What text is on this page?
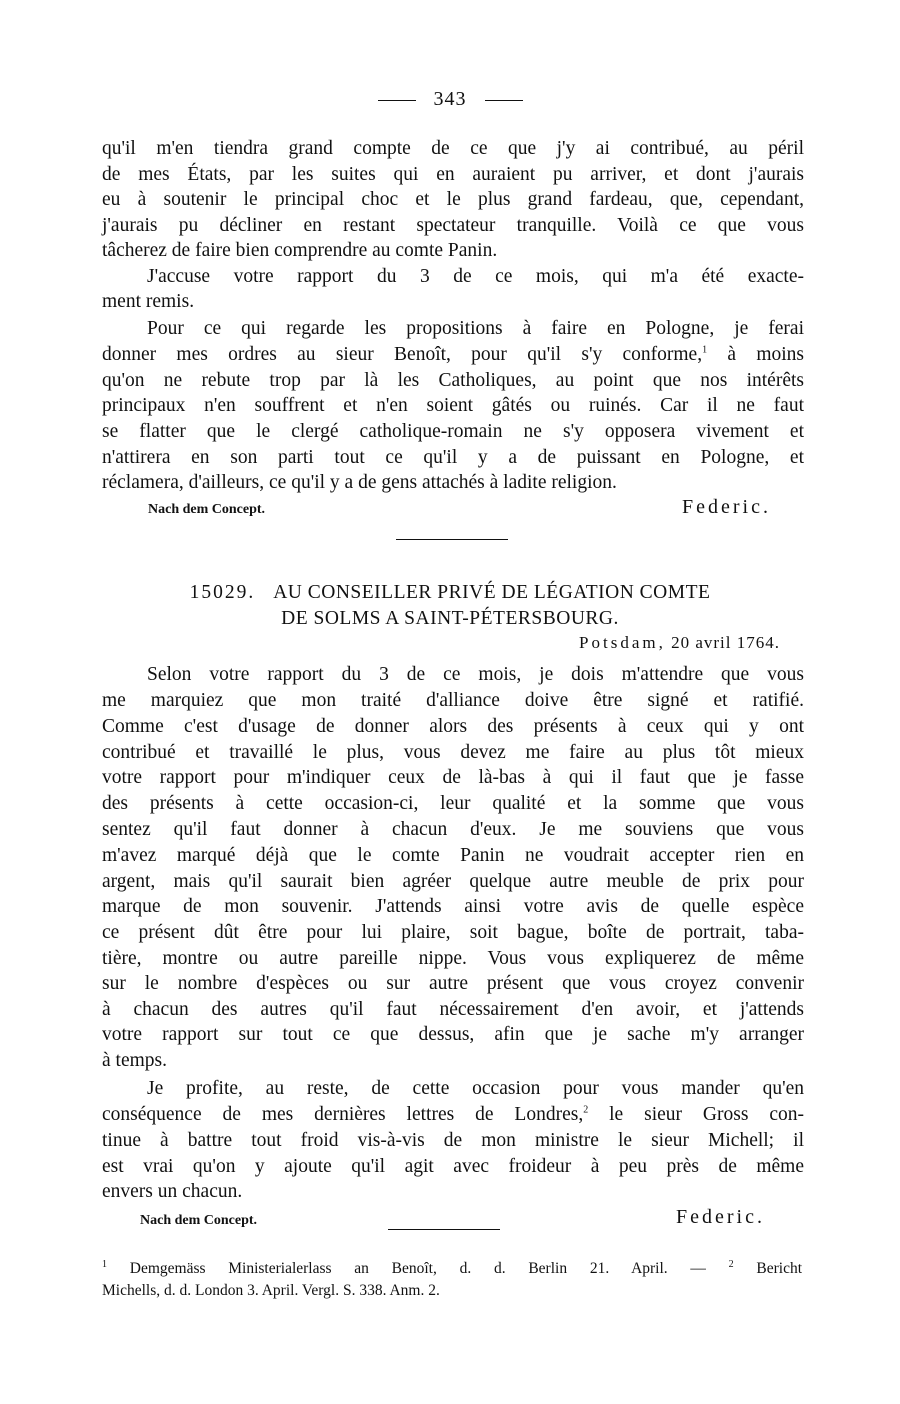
343
qu'il m'en tiendra grand compte de ce que j'y ai contribué, au péril
de mes États, par les suites qui en auraient pu arriver, et dont j'aurais
eu à soutenir le principal choc et le plus grand fardeau, que, cependant,
j'aurais pu décliner en restant spectateur tranquille. Voilà ce que vous
tâcherez de faire bien comprendre au comte Panin.
J'accuse votre rapport du 3 de ce mois, qui m'a été exacte-
ment remis.
Pour ce qui regarde les propositions à faire en Pologne, je ferai
donner mes ordres au sieur Benoît, pour qu'il s'y conforme,$^1$ à moins
qu'on ne rebute trop par là les Catholiques, au point que nos intérêts
principaux n'en souffrent et n'en soient gâtés ou ruinés. Car il ne faut
se flatter que le clergé catholique-romain ne s'y opposera vivement et
n'attirera en son parti tout ce qu'il y a de puissant en Pologne, et
réclamera, d'ailleurs, ce qu'il y a de gens attachés à ladite religion.
Nach dem Concept.	Federic.
15029. AU CONSEILLER PRIVÉ DE LÉGATION COMTE
DE SOLMS A SAINT-PÉTERSBOURG.
Potsdam, 20 avril 1764.
Selon votre rapport du 3 de ce mois, je dois m'attendre que vous
me marquiez que mon traité d'alliance doive être signé et ratifié.
Comme c'est d'usage de donner alors des présents à ceux qui y ont
contribué et travaillé le plus, vous devez me faire au plus tôt mieux
votre rapport pour m'indiquer ceux de là-bas à qui il faut que je fasse
des présents à cette occasion-ci, leur qualité et la somme que vous
sentez qu'il faut donner à chacun d'eux. Je me souviens que vous
m'avez marqué déjà que le comte Panin ne voudrait accepter rien en
argent, mais qu'il saurait bien agréer quelque autre meuble de prix pour
marque de mon souvenir. J'attends ainsi votre avis de quelle espèce
ce présent dût être pour lui plaire, soit bague, boîte de portrait, taba-
tière, montre ou autre pareille nippe. Vous vous expliquerez de même
sur le nombre d'espèces ou sur autre présent que vous croyez convenir
à chacun des autres qu'il faut nécessairement d'en avoir, et j'attends
votre rapport sur tout ce que dessus, afin que je sache m'y arranger
à temps.
Je profite, au reste, de cette occasion pour vous mander qu'en
conséquence de mes dernières lettres de Londres,$^2$ le sieur Gross con-
tinue à battre tout froid vis-à-vis de mon ministre le sieur Michell; il
est vrai qu'on y ajoute qu'il agit avec froideur à peu près de même
envers un chacun.
Nach dem Concept.	Federic.
$^1$ Demgemäss Ministerialerlass an Benoît, d. d. Berlin 21. April. — $^2$ Bericht
Michells, d. d. London 3. April. Vergl. S. 338. Anm. 2.
